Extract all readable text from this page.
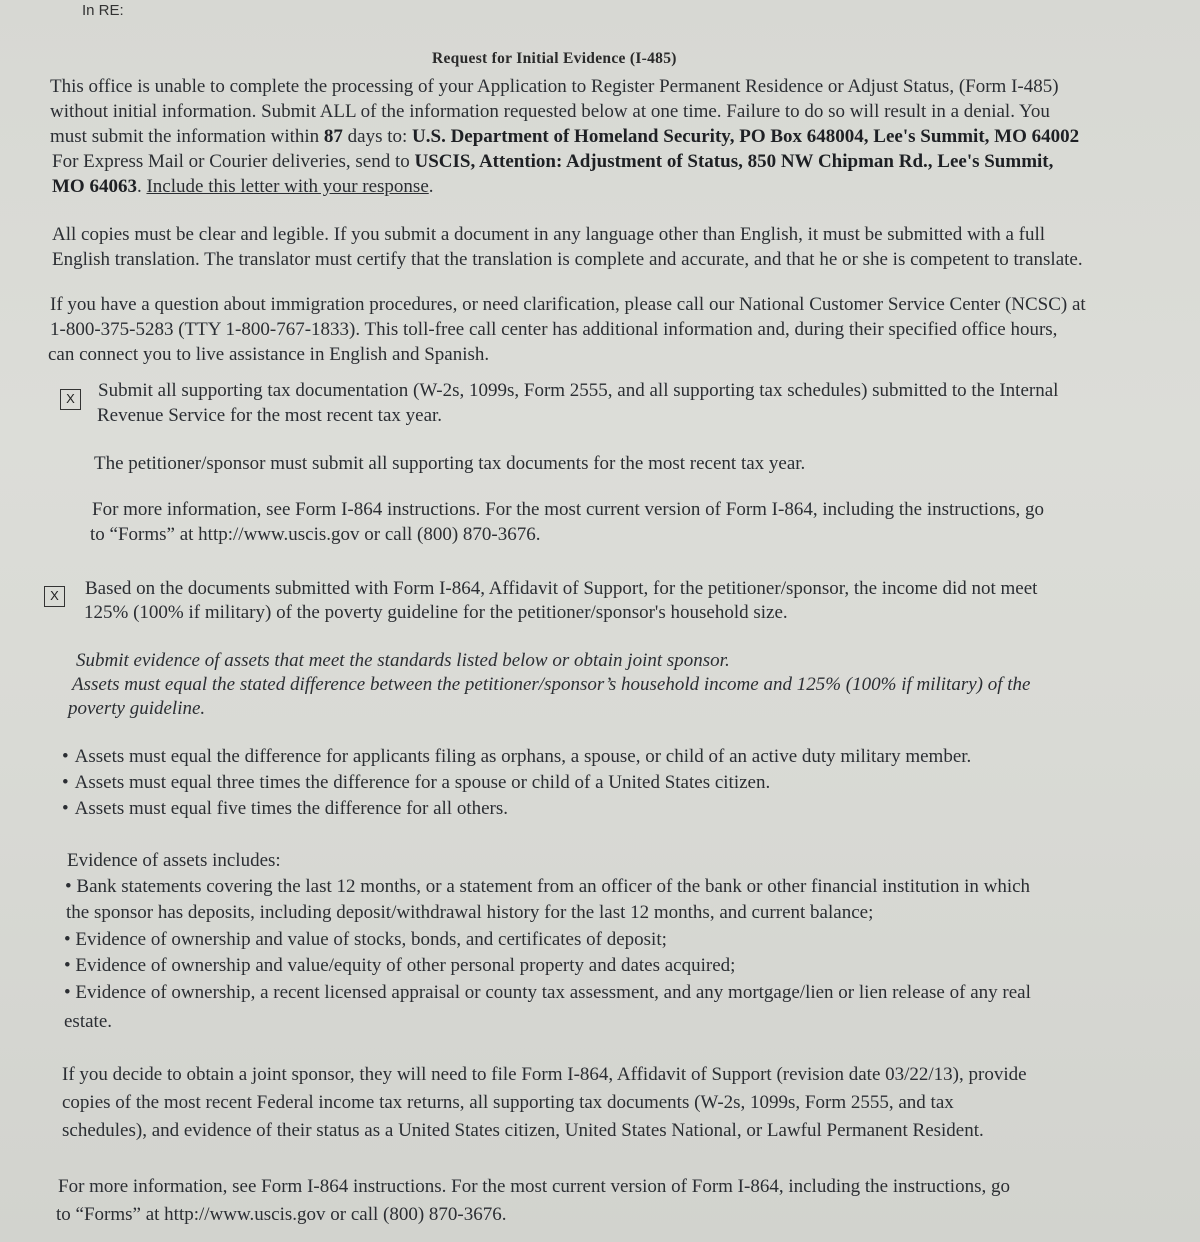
In RE:
Request for Initial Evidence (I-485)
This office is unable to complete the processing of your Application to Register Permanent Residence or Adjust Status, (Form I-485)
without initial information. Submit ALL of the information requested below at one time. Failure to do so will result in a denial. You
must submit the information within 87 days to: U.S. Department of Homeland Security, PO Box 648004, Lee's Summit, MO 64002
For Express Mail or Courier deliveries, send to USCIS, Attention: Adjustment of Status, 850 NW Chipman Rd., Lee's Summit,
MO 64063. Include this letter with your response.
All copies must be clear and legible. If you submit a document in any language other than English, it must be submitted with a full
English translation. The translator must certify that the translation is complete and accurate, and that he or she is competent to translate.
If you have a question about immigration procedures, or need clarification, please call our National Customer Service Center (NCSC) at
1-800-375-5283 (TTY 1-800-767-1833). This toll-free call center has additional information and, during their specified office hours,
can connect you to live assistance in English and Spanish.
X	Submit all supporting tax documentation (W-2s, 1099s, Form 2555, and all supporting tax schedules) submitted to the Internal
Revenue Service for the most recent tax year.
The petitioner/sponsor must submit all supporting tax documents for the most recent tax year.
For more information, see Form I-864 instructions. For the most current version of Form I-864, including the instructions, go
to “Forms” at http://www.uscis.gov or call (800) 870-3676.
X	Based on the documents submitted with Form I-864, Affidavit of Support, for the petitioner/sponsor, the income did not meet
125% (100% if military) of the poverty guideline for the petitioner/sponsor's household size.
Submit evidence of assets that meet the standards listed below or obtain joint sponsor.
Assets must equal the stated difference between the petitioner/sponsor’s household income and 125% (100% if military) of the
poverty guideline.
• Assets must equal the difference for applicants filing as orphans, a spouse, or child of an active duty military member.
• Assets must equal three times the difference for a spouse or child of a United States citizen.
• Assets must equal five times the difference for all others.
Evidence of assets includes:
• Bank statements covering the last 12 months, or a statement from an officer of the bank or other financial institution in which
the sponsor has deposits, including deposit/withdrawal history for the last 12 months, and current balance;
• Evidence of ownership and value of stocks, bonds, and certificates of deposit;
• Evidence of ownership and value/equity of other personal property and dates acquired;
• Evidence of ownership, a recent licensed appraisal or county tax assessment, and any mortgage/lien or lien release of any real
estate.
If you decide to obtain a joint sponsor, they will need to file Form I-864, Affidavit of Support (revision date 03/22/13), provide
copies of the most recent Federal income tax returns, all supporting tax documents (W-2s, 1099s, Form 2555, and tax
schedules), and evidence of their status as a United States citizen, United States National, or Lawful Permanent Resident.
For more information, see Form I-864 instructions. For the most current version of Form I-864, including the instructions, go
to “Forms” at http://www.uscis.gov or call (800) 870-3676.
